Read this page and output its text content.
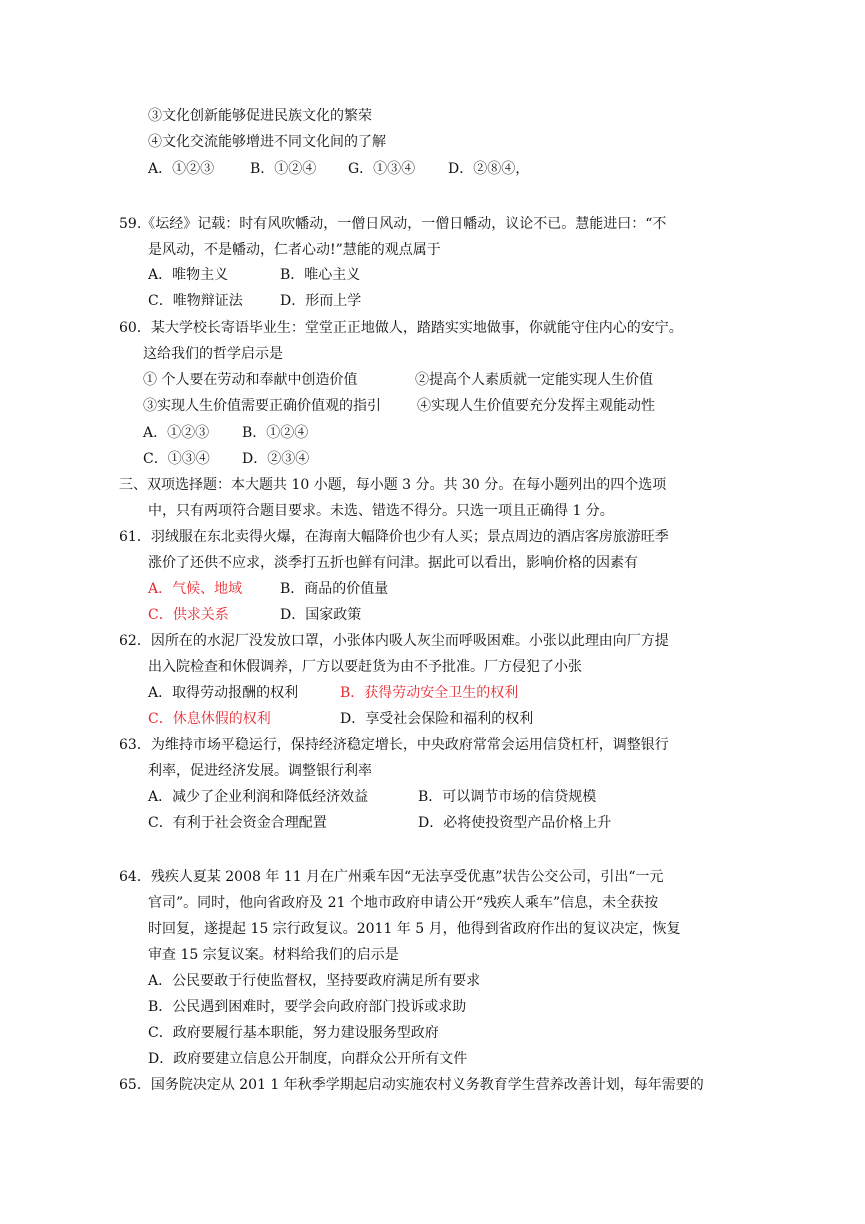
③文化创新能够促进民族文化的繁荣
④文化交流能够增进不同文化间的了解
A．①②③	B．①②④ G．①③④ D．②⑧④，
59.《坛经》记载：时有风吹幡动，一僧日风动，一僧日幡动，议论不已。慧能进曰：“不
是风动，不是幡动，仁者心动!”慧能的观点属于
A．唯物主义	B．唯心主义
C．唯物辩证法	D．形而上学
60．某大学校长寄语毕业生：堂堂正正地做人，踏踏实实地做事，你就能守住内心的安宁。
这给我们的哲学启示是
① 个人要在劳动和奉献中创造价值	②提高个人素质就一定能实现人生价值
③实现人生价值需要正确价值观的指引	④实现人生价值要充分发挥主观能动性
A．①②③ B．①②④
C．①③④ D．②③④
三、双项选择题：本大题共 10 小题，每小题 3 分。共 30 分。在每小题列出的四个选项
中，只有两项符合题目要求。未选、错选不得分。只选一项且正确得 1 分。
61．羽绒服在东北卖得火爆，在海南大幅降价也少有人买；景点周边的酒店客房旅游旺季
涨价了还供不应求，淡季打五折也鲜有问津。据此可以看出，影响价格的因素有
A．气候、地域	B．商品的价值量
C．供求关系	D．国家政策
62．因所在的水泥厂没发放口罩，小张体内吸人灰尘而呼吸困难。小张以此理由向厂方提
出入院检查和休假调养，厂方以要赶货为由不予批准。厂方侵犯了小张
A．取得劳动报酬的权利	B．获得劳动安全卫生的权利
C．休息休假的权利	D．享受社会保险和福利的权利
63．为维持市场平稳运行，保持经济稳定增长，中央政府常常会运用信贷杠杆，调整银行
利率，促进经济发展。调整银行利率
A．减少了企业利润和降低经济效益	B．可以调节市场的信贷规模
C．有利于社会资金合理配置	D．必将使投资型产品价格上升
64．残疾人夏某 2008 年 11 月在广州乘车因“无法享受优惠”状告公交公司，引出“一元
官司”。同时，他向省政府及 21 个地市政府申请公开“残疾人乘车”信息，未全获按
时回复，遂提起 15 宗行政复议。2011 年 5 月，他得到省政府作出的复议决定，恢复
审查 15 宗复议案。材料给我们的启示是
A．公民要敢于行使监督权，坚持要政府满足所有要求
B．公民遇到困难时，要学会向政府部门投诉或求助
C．政府要履行基本职能，努力建设服务型政府
D．政府要建立信息公开制度，向群众公开所有文件
65．国务院决定从 201 1 年秋季学期起启动实施农村义务教育学生营养改善计划，每年需要的
